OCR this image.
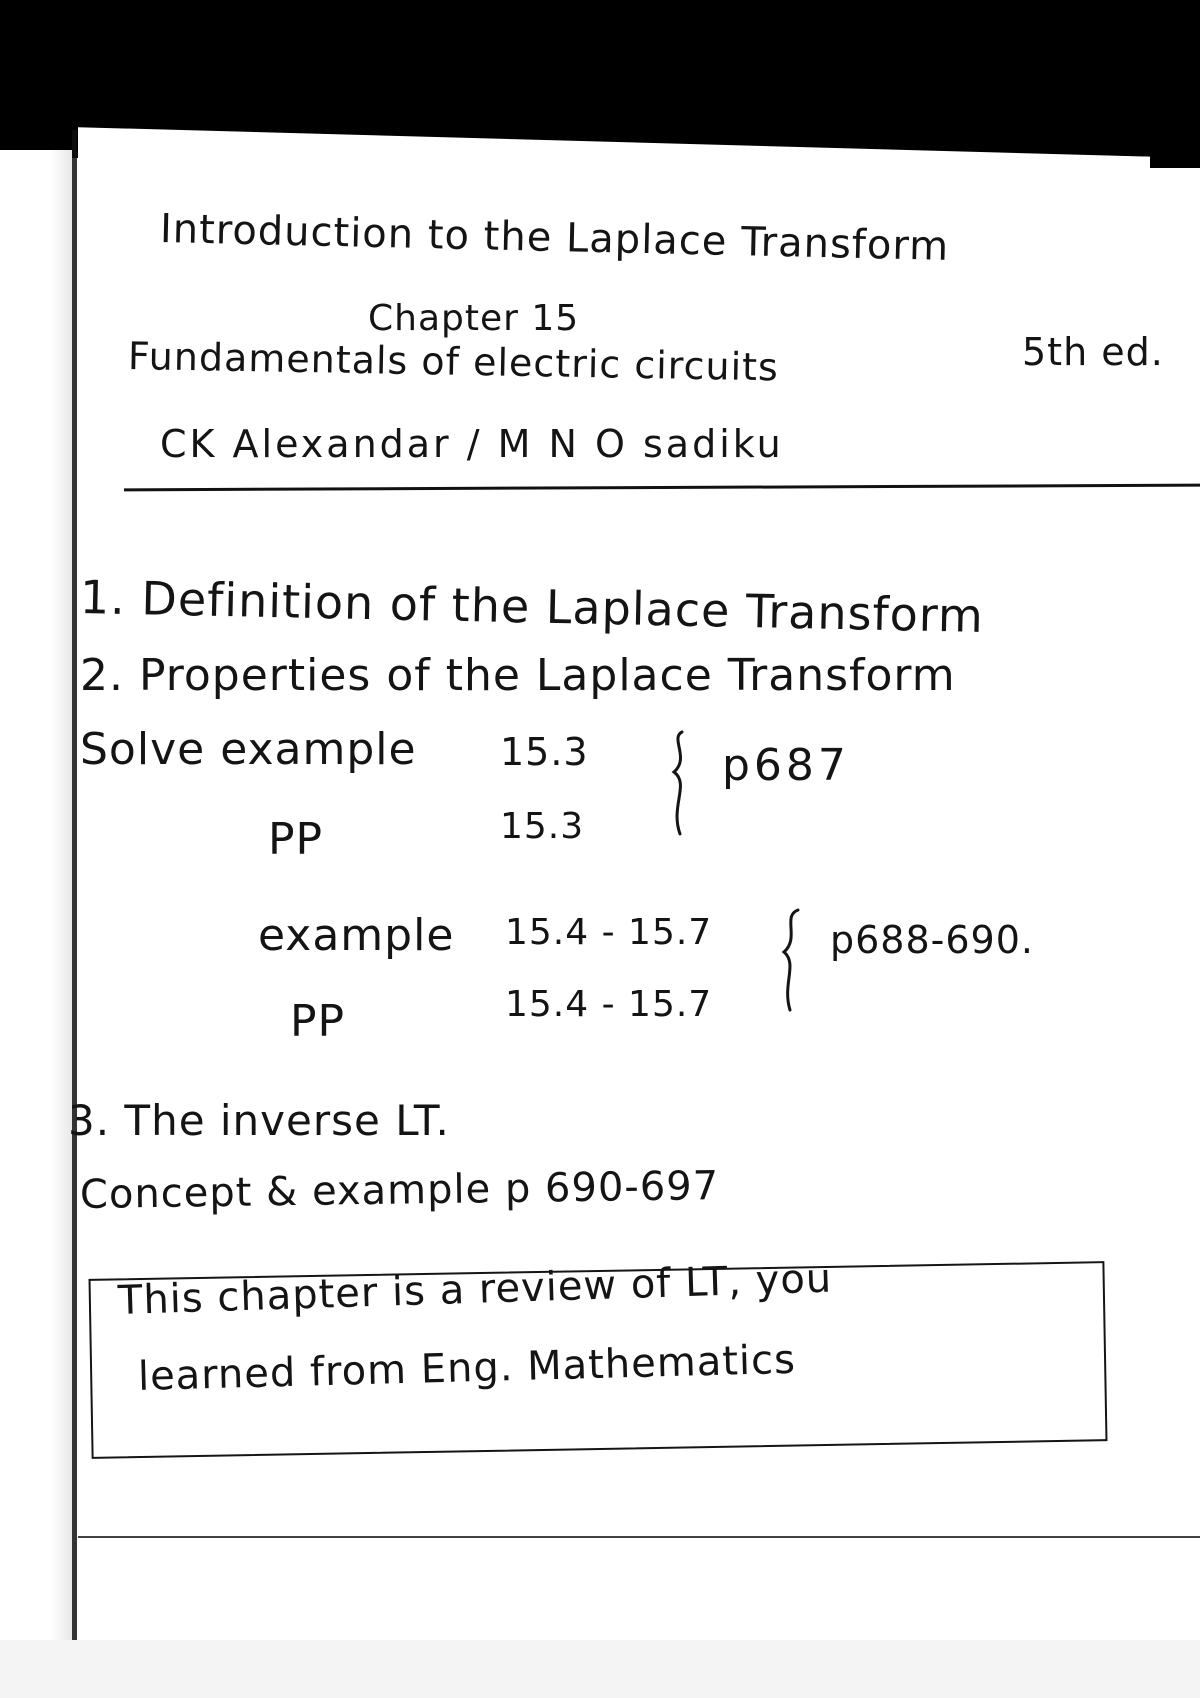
Introduction to the Laplace Transform

Chapter 15

Fundamentals of electric circuits	5th ed.

CK Alexandar / M N O sadiku

1. Definition of the Laplace Transform

2. Properties of the Laplace Transform

Solve example 15.3	p687

PP	15.3

example 15.4 - 15.7	p688-690.

PP	15.4 - 15.7

3. The inverse LT.

Concept & example p 690-697

This chapter is a review of LT, you

learned from Eng. Mathematics
